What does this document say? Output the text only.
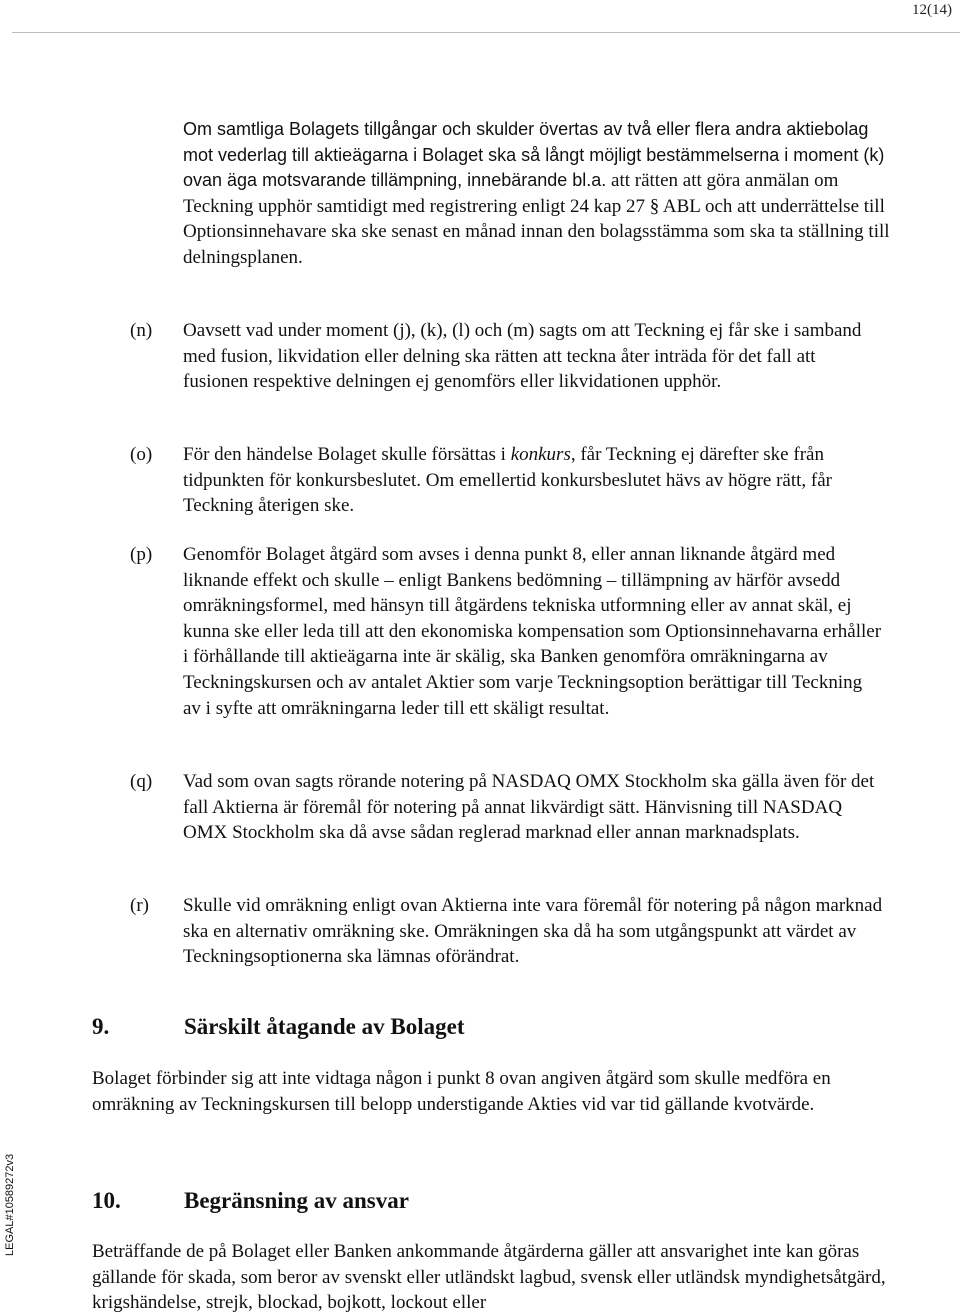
12(14)
LEGAL#10589272v3
Om samtliga Bolagets tillgångar och skulder övertas av två eller flera andra aktiebolag mot vederlag till aktieägarna i Bolaget ska så långt möjligt bestämmelserna i moment (k) ovan äga motsvarande tillämpning, innebärande bl.a. att rätten att göra anmälan om Teckning upphör samtidigt med registrering enligt 24 kap 27 § ABL och att underrättelse till Optionsinnehavare ska ske senast en månad innan den bolagsstämma som ska ta ställning till delningsplanen.
(n)	Oavsett vad under moment (j), (k), (l) och (m) sagts om att Teckning ej får ske i samband med fusion, likvidation eller delning ska rätten att teckna åter inträda för det fall att fusionen respektive delningen ej genomförs eller likvidationen upphör.
(o)	För den händelse Bolaget skulle försättas i konkurs, får Teckning ej därefter ske från tidpunkten för konkursbeslutet. Om emellertid konkursbeslutet hävs av högre rätt, får Teckning återigen ske.
(p)	Genomför Bolaget åtgärd som avses i denna punkt 8, eller annan liknande åtgärd med liknande effekt och skulle – enligt Bankens bedömning – tillämpning av härför avsedd omräkningsformel, med hänsyn till åtgärdens tekniska utformning eller av annat skäl, ej kunna ske eller leda till att den ekonomiska kompensation som Optionsinnehavarna erhåller i förhållande till aktieägarna inte är skälig, ska Banken genomföra omräkningarna av Teckningskursen och av antalet Aktier som varje Teckningsoption berättigar till Teckning av i syfte att omräkningarna leder till ett skäligt resultat.
(q)	Vad som ovan sagts rörande notering på NASDAQ OMX Stockholm ska gälla även för det fall Aktierna är föremål för notering på annat likvärdigt sätt. Hänvisning till NASDAQ OMX Stockholm ska då avse sådan reglerad marknad eller annan marknadsplats.
(r)	Skulle vid omräkning enligt ovan Aktierna inte vara föremål för notering på någon marknad ska en alternativ omräkning ske. Omräkningen ska då ha som utgångspunkt att värdet av Teckningsoptionerna ska lämnas oförändrat.
9.	Särskilt åtagande av Bolaget
Bolaget förbinder sig att inte vidtaga någon i punkt 8 ovan angiven åtgärd som skulle medföra en omräkning av Teckningskursen till belopp understigande Akties vid var tid gällande kvotvärde.
10.	Begränsning av ansvar
Beträffande de på Bolaget eller Banken ankommande åtgärderna gäller att ansvarighet inte kan göras gällande för skada, som beror av svenskt eller utländskt lagbud, svensk eller utländsk myndighetsåtgärd, krigshändelse, strejk, blockad, bojkott, lockout eller
